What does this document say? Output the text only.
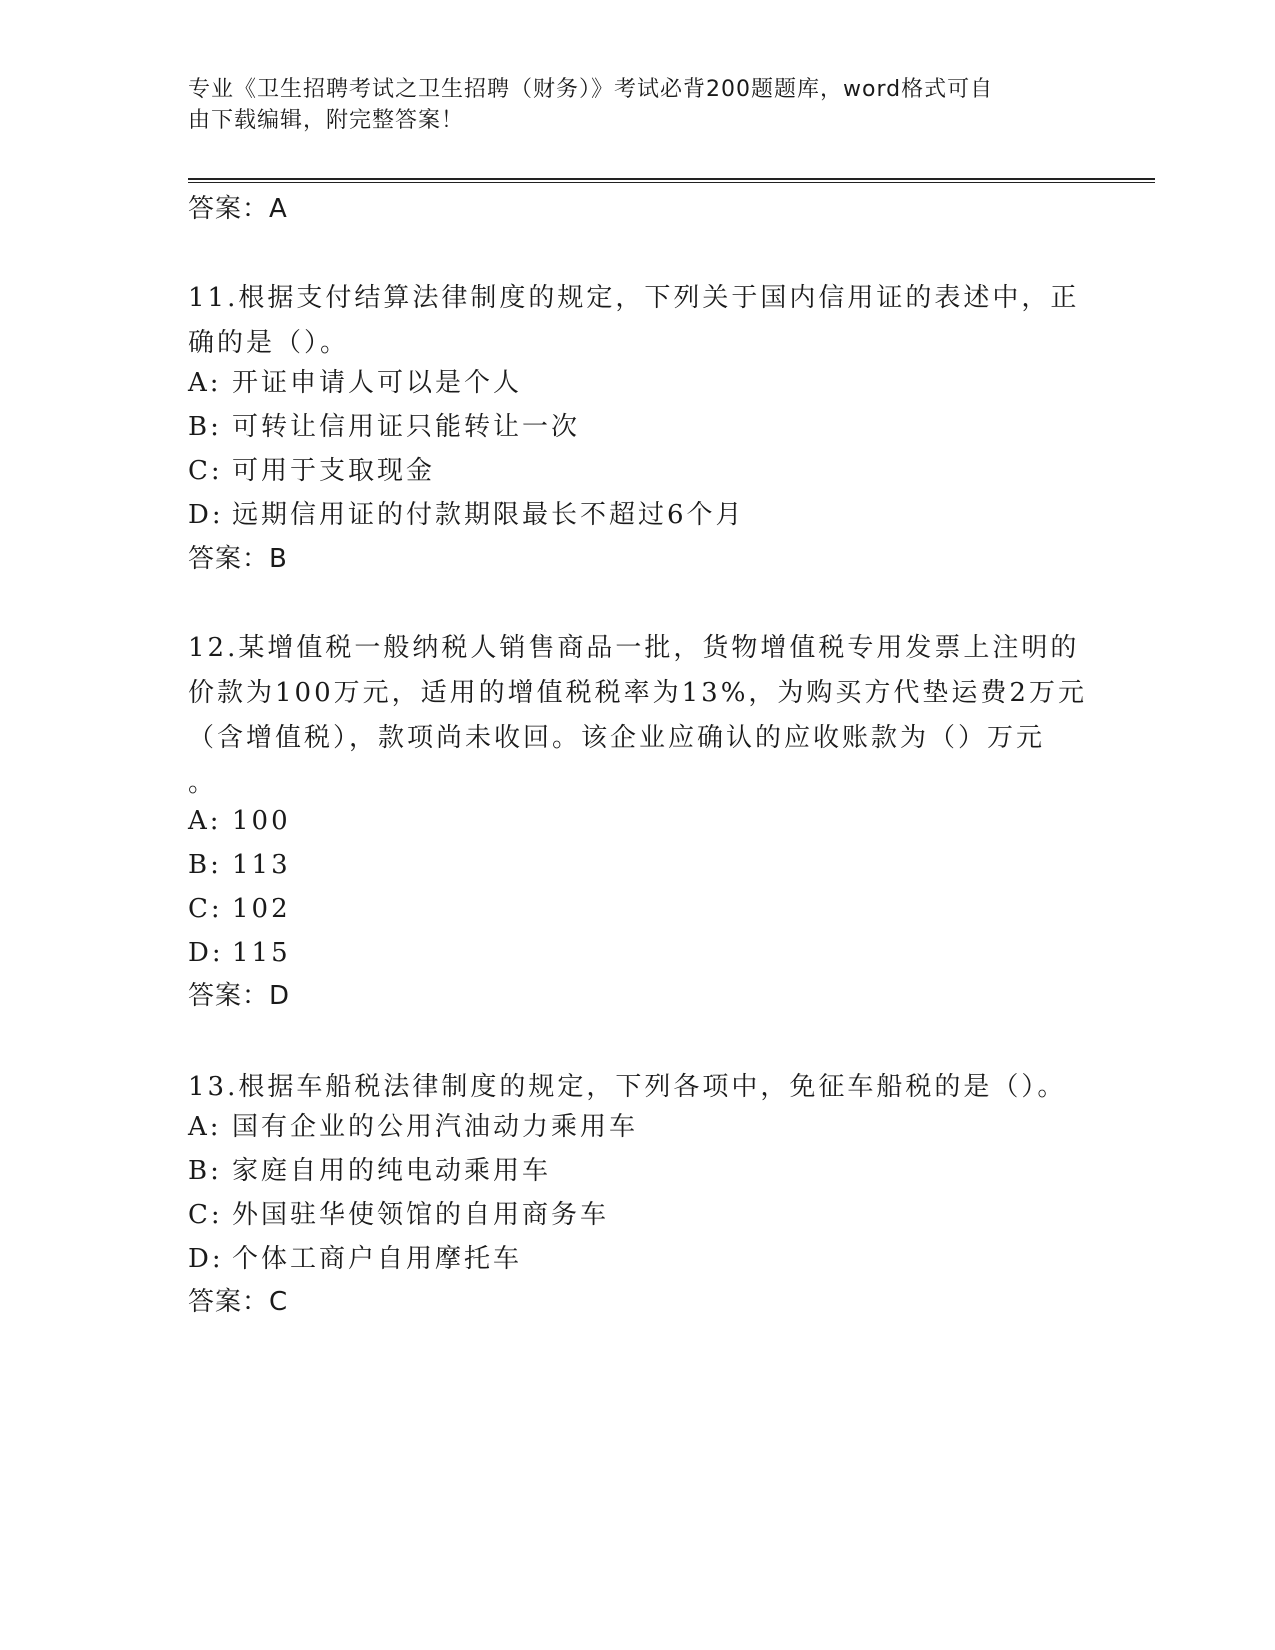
专业《卫生招聘考试之卫生招聘（财务）》考试必背200题题库，word格式可自
由下载编辑，附完整答案！
答案：A
11.根据支付结算法律制度的规定，下列关于国内信用证的表述中，正
确的是（）。
A: 开证申请人可以是个人
B: 可转让信用证只能转让一次
C: 可用于支取现金
D: 远期信用证的付款期限最长不超过6个月
答案：B
12.某增值税一般纳税人销售商品一批，货物增值税专用发票上注明的
价款为100万元，适用的增值税税率为13%，为购买方代垫运费2万元
（含增值税），款项尚未收回。该企业应确认的应收账款为（）万元
。
A: 100
B: 113
C: 102
D: 115
答案：D
13.根据车船税法律制度的规定，下列各项中，免征车船税的是（）。
A: 国有企业的公用汽油动力乘用车
B: 家庭自用的纯电动乘用车
C: 外国驻华使领馆的自用商务车
D: 个体工商户自用摩托车
答案：C
